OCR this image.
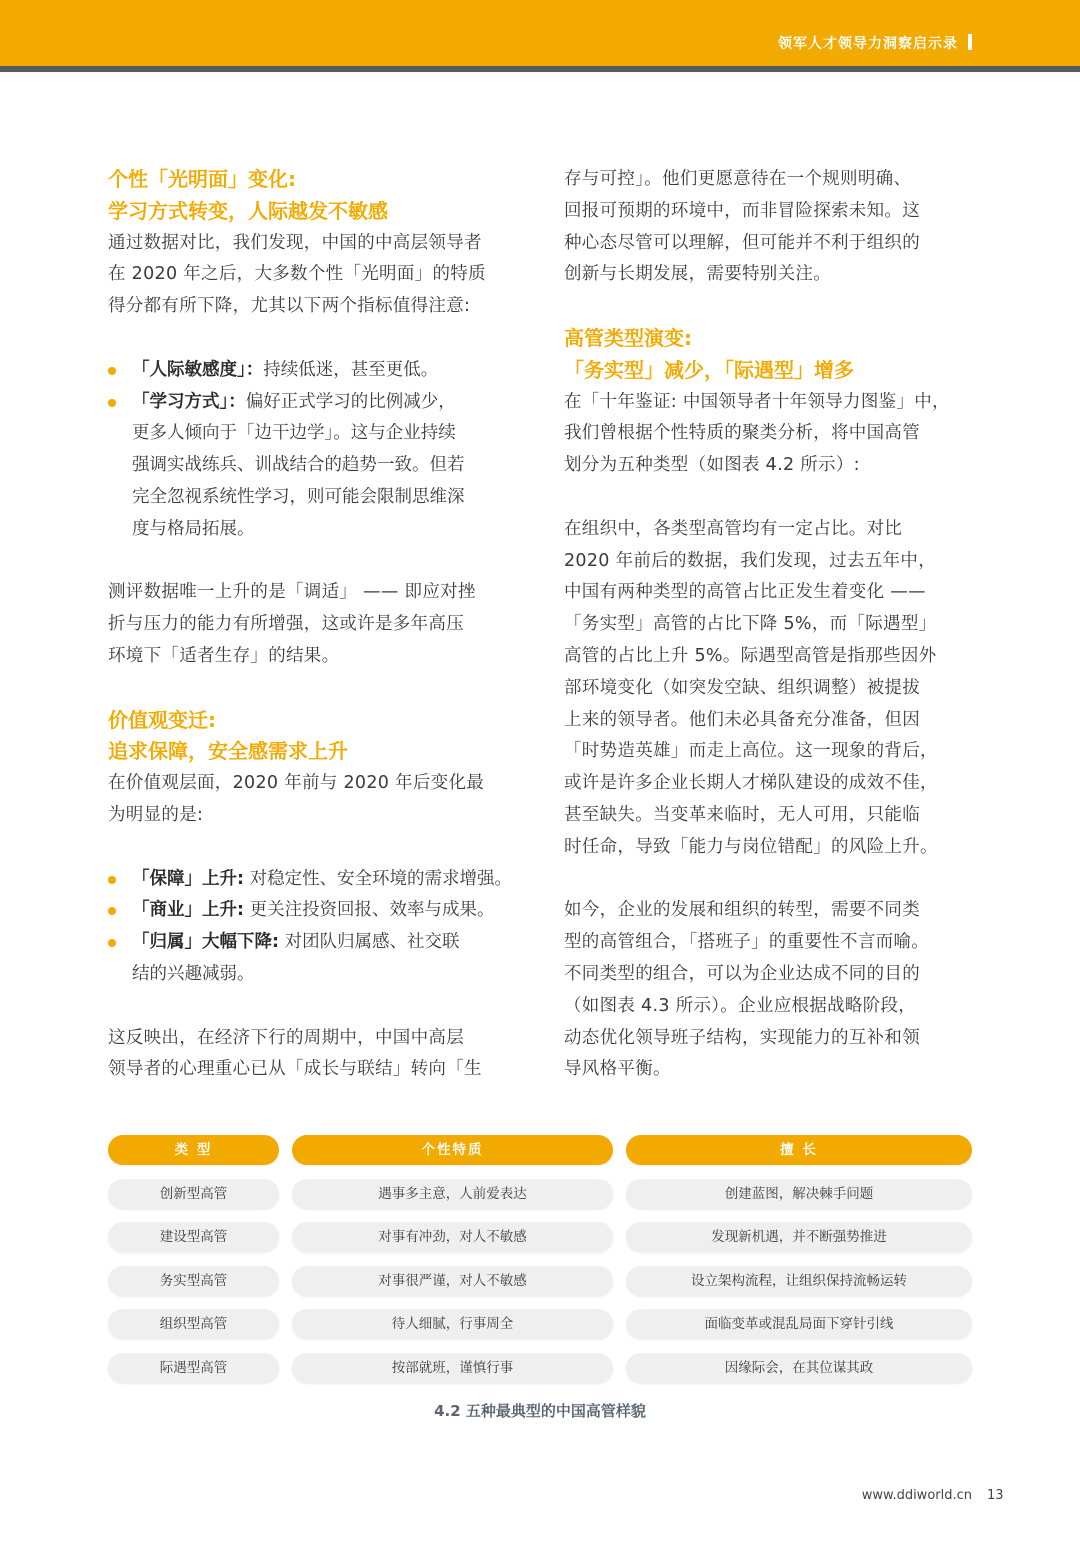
领军人才领导力洞察启示录

个性「光明面」变化:

学习方式转变，人际越发不敏感

通过数据对比，我们发现，中国的中高层领导者
在 2020 年之后，大多数个性「光明面」的特质
得分都有所下降，尤其以下两个指标值得注意:

「人际敏感度」：持续低迷，甚至更低。
「学习方式」：偏好正式学习的比例减少，
更多人倾向于「边干边学」。这与企业持续
强调实战练兵、训战结合的趋势一致。但若
完全忽视系统性学习，则可能会限制思维深
度与格局拓展。

测评数据唯一上升的是「调适」 —— 即应对挫
折与压力的能力有所增强，这或许是多年高压
环境下「适者生存」的结果。

价值观变迁:

追求保障，安全感需求上升

在价值观层面，2020 年前与 2020 年后变化最
为明显的是:

「保障」上升: 对稳定性、安全环境的需求增强。
「商业」上升: 更关注投资回报、效率与成果。
「归属」大幅下降: 对团队归属感、社交联
结的兴趣减弱。

这反映出，在经济下行的周期中，中国中高层
领导者的心理重心已从「成长与联结」转向「生

存与可控」。他们更愿意待在一个规则明确、
回报可预期的环境中，而非冒险探索未知。这
种心态尽管可以理解，但可能并不利于组织的
创新与长期发展，需要特别关注。

高管类型演变:

「务实型」减少，「际遇型」增多

在「十年鉴证: 中国领导者十年领导力图鉴」中，
我们曾根据个性特质的聚类分析，将中国高管
划分为五种类型（如图表 4.2 所示）:

在组织中，各类型高管均有一定占比。对比
2020 年前后的数据，我们发现，过去五年中，
中国有两种类型的高管占比正发生着变化 ——
「务实型」高管的占比下降 5%，而「际遇型」
高管的占比上升 5%。际遇型高管是指那些因外
部环境变化（如突发空缺、组织调整）被提拔
上来的领导者。他们未必具备充分准备，但因
「时势造英雄」而走上高位。这一现象的背后，
或许是许多企业长期人才梯队建设的成效不佳，
甚至缺失。当变革来临时，无人可用，只能临
时任命，导致「能力与岗位错配」的风险上升。

如今，企业的发展和组织的转型，需要不同类
型的高管组合，「搭班子」的重要性不言而喻。
不同类型的组合，可以为企业达成不同的目的
（如图表 4.3 所示）。企业应根据战略阶段，
动态优化领导班子结构，实现能力的互补和领
导风格平衡。

类 型	个性特质	擅 长
创新型高管	遇事多主意，人前爱表达	创建蓝图，解决棘手问题
建设型高管	对事有冲劲，对人不敏感	发现新机遇，并不断强势推进
务实型高管	对事很严谨，对人不敏感	设立架构流程，让组织保持流畅运转
组织型高管	待人细腻，行事周全	面临变革或混乱局面下穿针引线
际遇型高管	按部就班，谨慎行事	因缘际会，在其位谋其政
4.2 五种最典型的中国高管样貌
www.ddiworld.cn 13
